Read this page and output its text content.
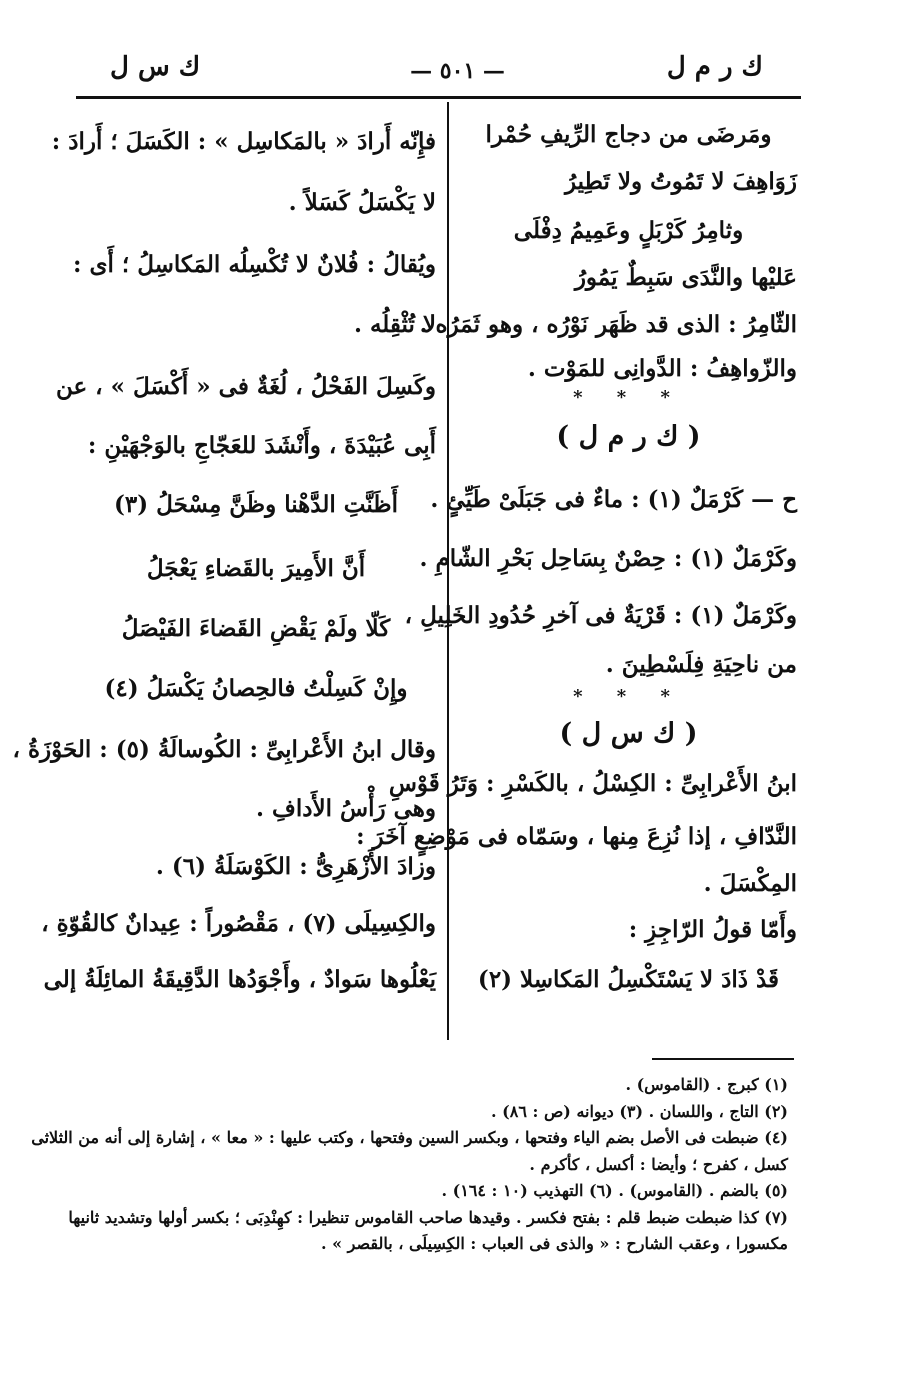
ك ر م ل
— ٥٠١ —
ك س ل

ومَرضَى من دجاج الرِّيفِ حُمْرا

زَوَاهِفَ لا تَمُوتُ ولا تَطِيرُ

وثامِرُ كَرْبَلٍ وعَمِيمُ دِفْلَى

عَليْها والنَّدَى سَبِطٌ يَمُورُ

الثّامِرُ : الذى قد ظَهَر نَوْرُه ، وهو ثَمَرُه .

والزّواهِفُ : الدَّوانِى للمَوْت .

* * *

( ك ر م ل )

ح — كَرْمَلٌ (١) : ماءٌ فى جَبَلَىْ طَيِّئٍ .

وكَرْمَلٌ (١) : حِصْنٌ بِسَاحِل بَحْرِ الشّامِ .

وكَرْمَلٌ (١) : قَرْيَةٌ فى آخرِ حُدُودِ الخَلِيلِ ،

من ناحِيَةِ فِلَسْطِينَ .

* * *

( ك س ل )

ابنُ الأَعْرابِىِّ : الكِسْلُ ، بالكَسْرِ : وَتَرُ قَوْسِ

النَّدّافِ ، إذا نُزِعَ مِنها ، وسَمّاه فى مَوْضِعٍ آخَرَ :

المِكْسَلَ .

وأَمّا قولُ الرّاجِزِ :

قَدْ ذَادَ لا يَسْتَكْسِلُ المَكاسِلا (٢)

فإِنّه أَرادَ « بالمَكاسِل » : الكَسَلَ ؛ أَرادَ :

لا يَكْسَلُ كَسَلاً .

ويُقالُ : فُلانٌ لا تُكْسِلُه المَكاسِلُ ؛ أَى :

لا تُثْقِلُه .

وكَسِلَ الفَحْلُ ، لُغَةٌ فى « أَكْسَلَ » ، عن

أَبِى عُبَيْدَةَ ، وأَنْشَدَ للعَجّاجِ بالوَجْهَيْنِ :

أَظَنَّتِ الدَّهْنا وظَنَّ مِسْحَلُ (٣)

أَنَّ الأَمِيرَ بالقَضاءِ يَعْجَلُ

كَلّا ولَمْ يَقْضِ القَضاءَ الفَيْصَلُ

وإِنْ كَسِلْتُ فالحِصانُ يَكْسَلُ (٤)

وقال ابنُ الأَعْرابِىِّ : الكُوسالَةُ (٥) : الحَوْزَةُ ،

وهى رَأْسُ الأَدافِ .

وزادَ الأَزْهَرِىُّ : الكَوْسَلَةُ (٦) .

والكِسِيلَى (٧) ، مَقْصُوراً : عِيدانٌ كالقُوّةِ ،

يَعْلُوها سَوادٌ ، وأَجْوَدُها الدَّقِيقَةُ المائِلَةُ إلى

(١) كبرج . (القاموس) .

(٢) التاج ، واللسان . (٣) ديوانه (ص : ٨٦) .

(٤) ضبطت فى الأصل بضم الياء وفتحها ، وبكسر السين وفتحها ، وكتب عليها : « معا » ، إشارة إلى أنه من الثلاثى

كسل ، كفرح ؛ وأيضا : أكسل ، كأكرم .

(٥) بالضم . (القاموس) . (٦) التهذيب (١٠ : ١٦٤) .

(٧) كذا ضبطت ضبط قلم : بفتح فكسر . وقيدها صاحب القاموس تنظيرا : كهِنْدِبَى ؛ بكسر أولها وتشديد ثانيها

مكسورا ، وعقب الشارح : « والذى فى العباب : الكِسِيلَى ، بالقصر » .
